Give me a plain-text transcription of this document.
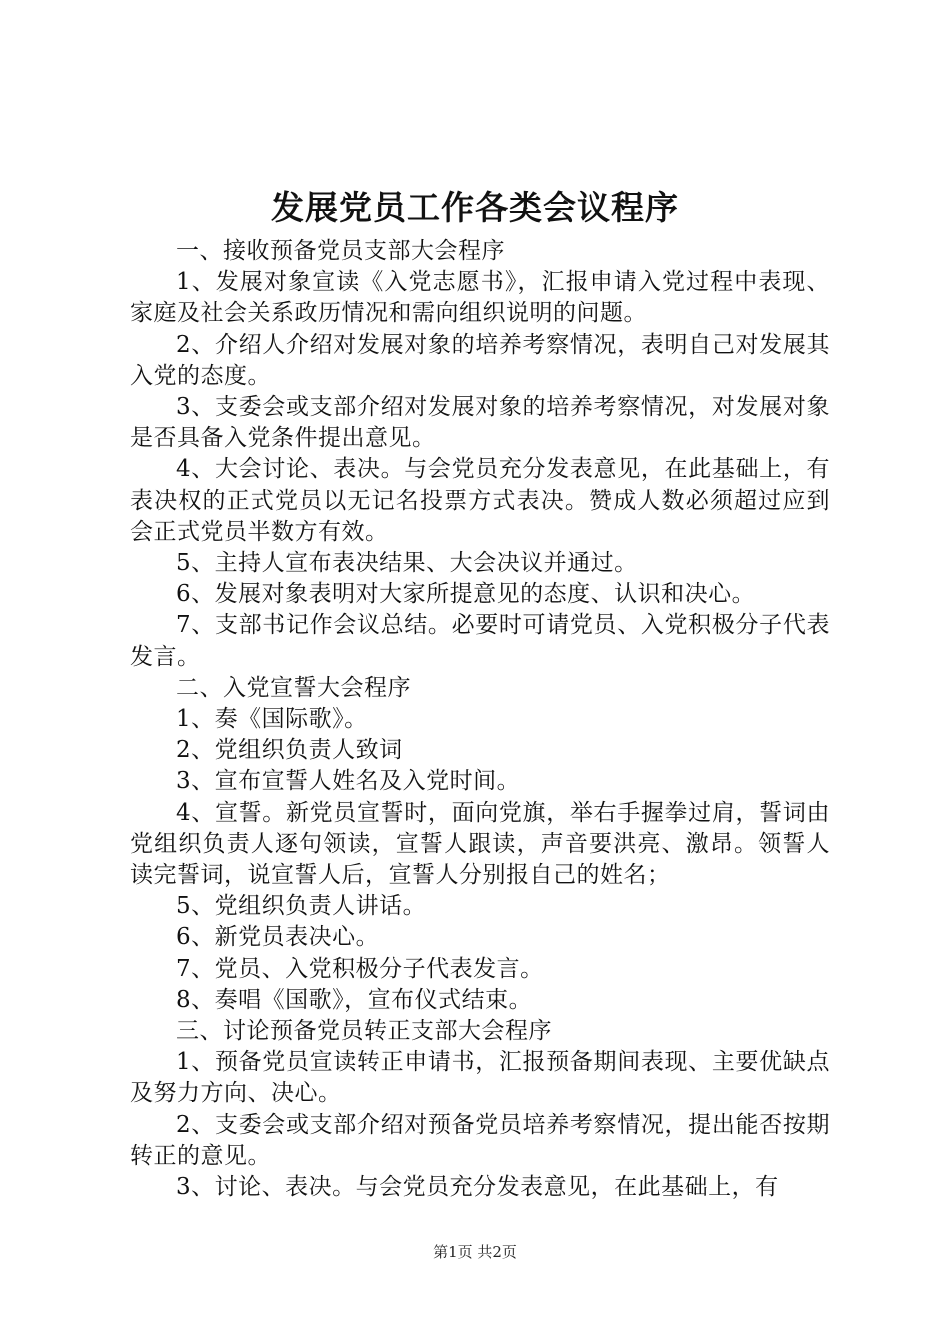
发展党员工作各类会议程序

一、接收预备党员支部大会程序

1、发展对象宣读《入党志愿书》，汇报申请入党过程中表现、家庭及社会关系政历情况和需向组织说明的问题。

2、介绍人介绍对发展对象的培养考察情况，表明自己对发展其入党的态度。

3、支委会或支部介绍对发展对象的培养考察情况，对发展对象是否具备入党条件提出意见。

4、大会讨论、表决。与会党员充分发表意见，在此基础上，有表决权的正式党员以无记名投票方式表决。赞成人数必须超过应到会正式党员半数方有效。

5、主持人宣布表决结果、大会决议并通过。

6、发展对象表明对大家所提意见的态度、认识和决心。

7、支部书记作会议总结。必要时可请党员、入党积极分子代表发言。

二、入党宣誓大会程序

1、奏《国际歌》。

2、党组织负责人致词

3、宣布宣誓人姓名及入党时间。

4、宣誓。新党员宣誓时，面向党旗，举右手握拳过肩，誓词由党组织负责人逐句领读，宣誓人跟读，声音要洪亮、激昂。领誓人读完誓词，说宣誓人后，宣誓人分别报自己的姓名；

5、党组织负责人讲话。

6、新党员表决心。

7、党员、入党积极分子代表发言。

8、奏唱《国歌》，宣布仪式结束。

三、讨论预备党员转正支部大会程序

1、预备党员宣读转正申请书，汇报预备期间表现、主要优缺点及努力方向、决心。

2、支委会或支部介绍对预备党员培养考察情况，提出能否按期转正的意见。

3、讨论、表决。与会党员充分发表意见，在此基础上，有

第1页 共2页
